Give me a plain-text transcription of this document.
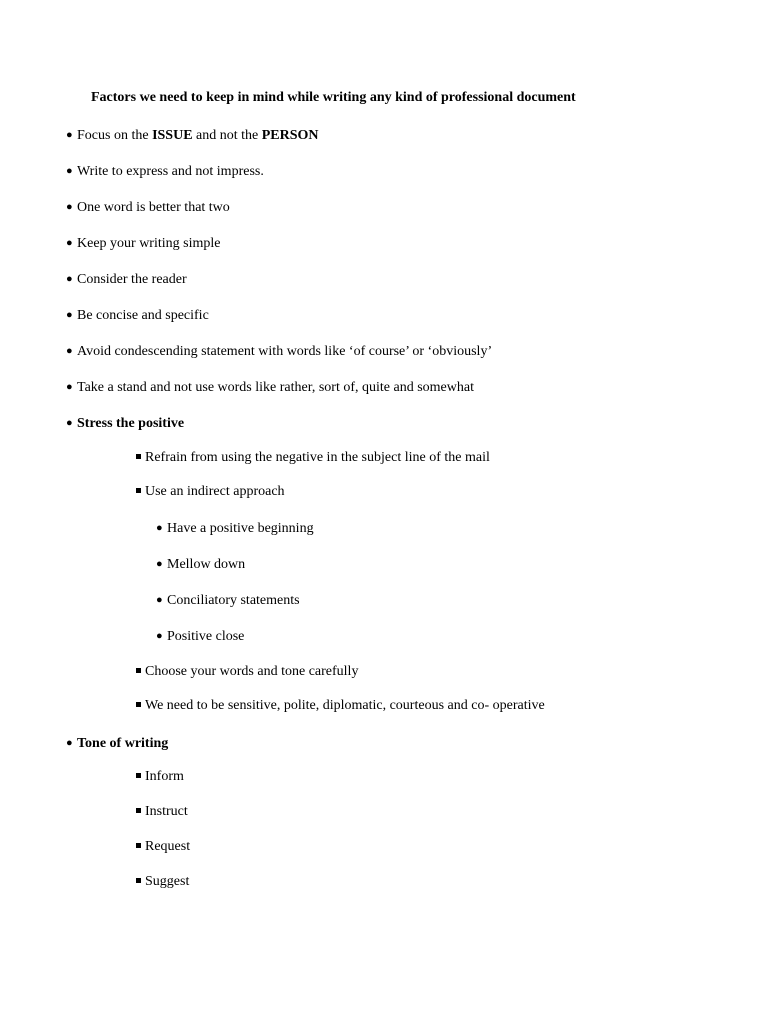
Factors we need to keep in mind while writing any kind of professional document
● Focus on the ISSUE and not the PERSON
● Write to express and not impress.
● One word is better that two
● Keep your writing simple
● Consider the reader
● Be concise and specific
● Avoid condescending statement with words like ‘of course’ or ‘obviously’
● Take a stand and not use words like rather, sort of, quite and somewhat
● Stress the positive
Refrain from using the negative in the subject line of the mail
Use an indirect approach
● Have a positive beginning
● Mellow down
● Conciliatory statements
● Positive close
Choose your words and tone carefully
We need to be sensitive, polite, diplomatic, courteous and co- operative
● Tone of writing
Inform
Instruct
Request
Suggest
